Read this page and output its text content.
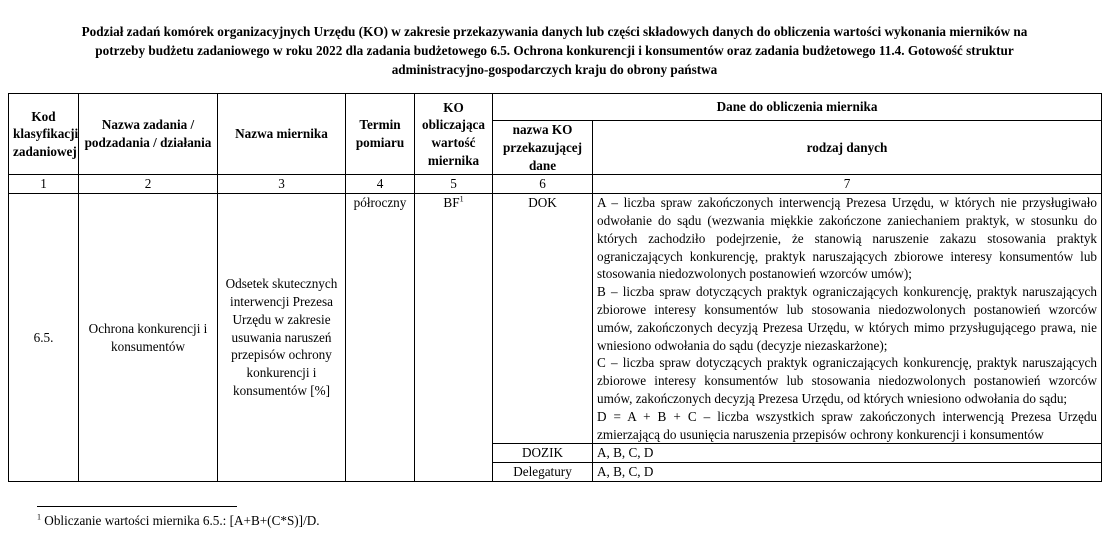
Podział zadań komórek organizacyjnych Urzędu (KO) w zakresie przekazywania danych lub części składowych danych do obliczenia wartości wykonania mierników na
potrzeby budżetu zadaniowego w roku 2022 dla zadania budżetowego 6.5. Ochrona konkurencji i konsumentów oraz zadania budżetowego 11.4. Gotowość struktur
administracyjno-gospodarczych kraju do obrony państwa
Kod klasyfikacji zadaniowej	Nazwa zadania / podzadania / działania	Nazwa miernika	Termin pomiaru	KO obliczająca wartość miernika	Dane do obliczenia miernika	
					nazwa KO przekazującej dane	rodzaj danych
1	2	3	4	5	6	7
6.5.	Ochrona konkurencji i konsumentów	Odsetek skutecznych interwencji Prezesa Urzędu w zakresie usuwania naruszeń przepisów ochrony konkurencji i konsumentów [%]	półroczny	$BF^1$	DOK	A – liczba spraw zakończonych interwencją Prezesa Urzędu, w których nie przysługiwało odwołanie do sądu (wezwania miękkie zakończone zaniechaniem praktyk, w stosunku do których zachodziło podejrzenie, że stanowią naruszenie zakazu stosowania praktyk ograniczających konkurencję, praktyk naruszających zbiorowe interesy konsumentów lub stosowania niedozwolonych postanowień wzorców umów);

B – liczba spraw dotyczących praktyk ograniczających konkurencję, praktyk naruszających zbiorowe interesy konsumentów lub stosowania niedozwolonych postanowień wzorców umów, zakończonych decyzją Prezesa Urzędu, w których mimo przysługującego prawa, nie wniesiono odwołania do sądu (decyzje niezaskarżone);

C – liczba spraw dotyczących praktyk ograniczających konkurencję, praktyk naruszających zbiorowe interesy konsumentów lub stosowania niedozwolonych postanowień wzorców umów, zakończonych decyzją Prezesa Urzędu, od których wniesiono odwołania do sądu;

D = A + B + C – liczba wszystkich spraw zakończonych interwencją Prezesa Urzędu zmierzającą do usunięcia naruszenia przepisów ochrony konkurencji i konsumentów

					DOZIK	A, B, C, D
					Delegatury	A, B, C, D
$^1$ Obliczanie wartości miernika 6.5.: [A+B+(C*S)]/D.
